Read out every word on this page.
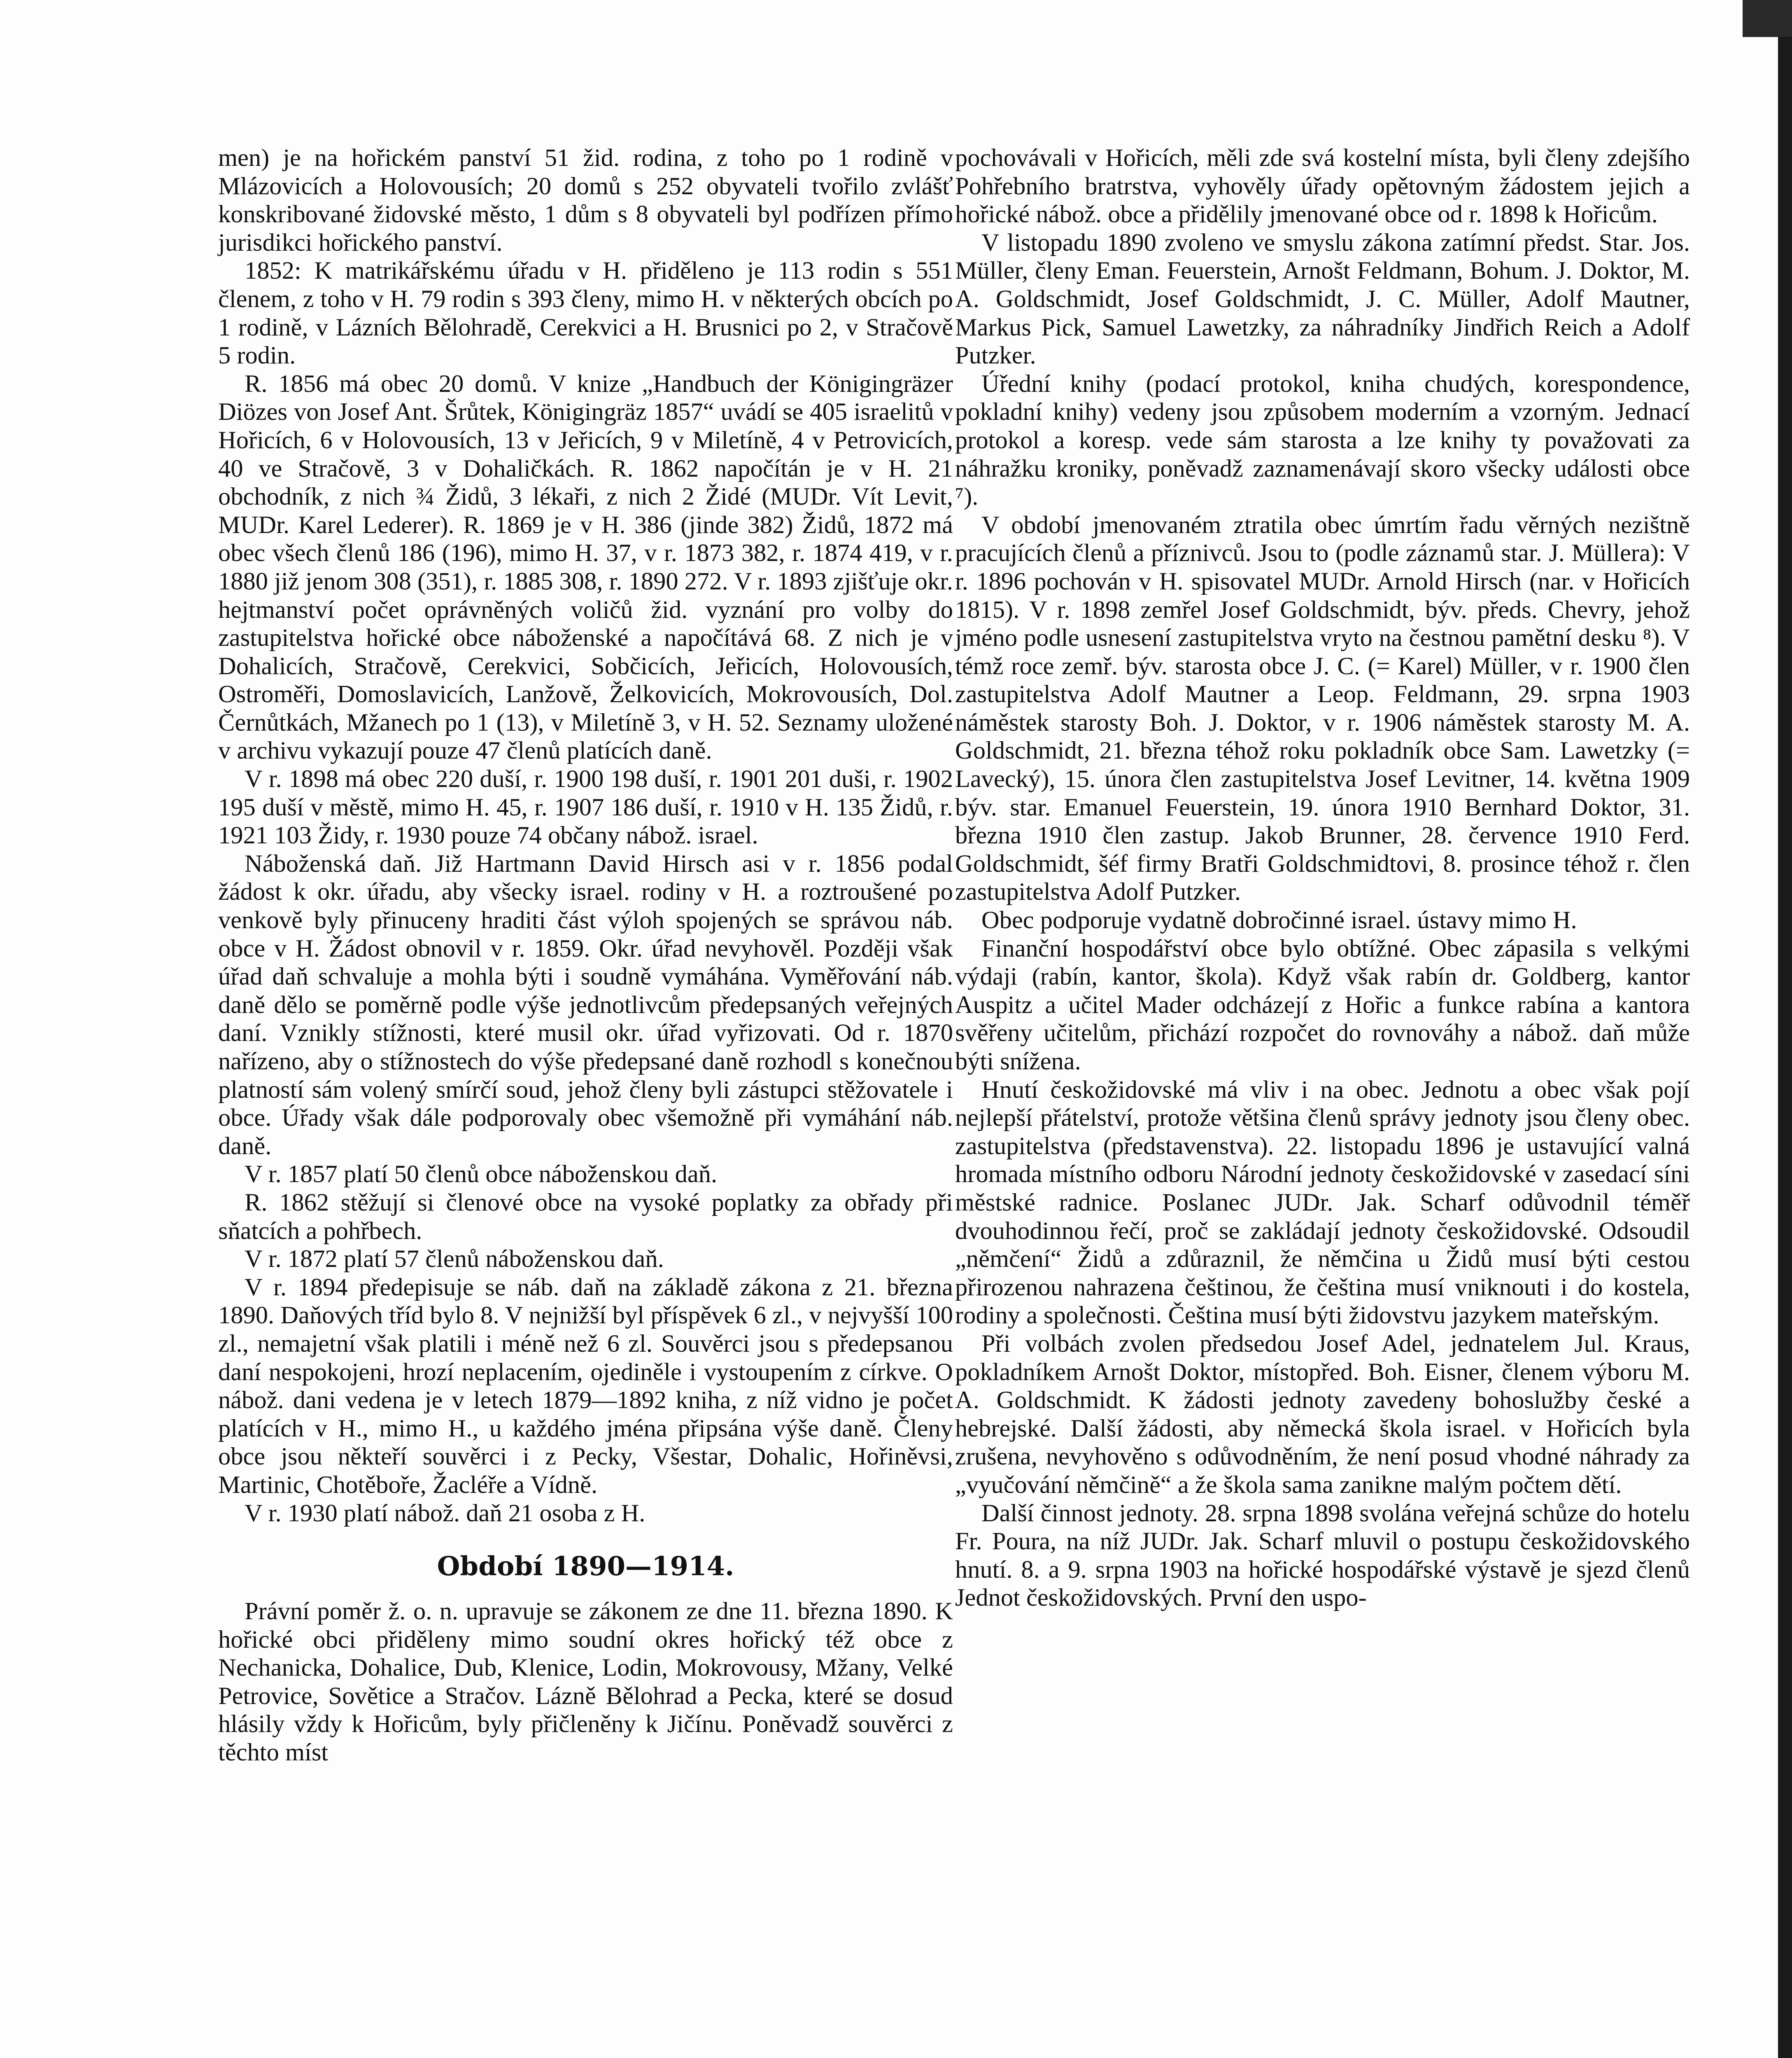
men) je na hořickém panství 51 žid. rodina, z toho po 1 rodině v Mlázovicích a Holovousích; 20 domů s 252 obyvateli tvořilo zvlášť konskribované židovské město, 1 dům s 8 obyvateli byl podřízen přímo jurisdikci hořického panství.

1852: K matrikářskému úřadu v H. přiděleno je 113 rodin s 551 členem, z toho v H. 79 rodin s 393 členy, mimo H. v některých obcích po 1 rodině, v Lázních Bělohradě, Cerekvici a H. Brusnici po 2, v Stračově 5 rodin.

R. 1856 má obec 20 domů. V knize „Handbuch der Königingräzer Diözes von Josef Ant. Šrůtek, Königingräz 1857“ uvádí se 405 israelitů v Hořicích, 6 v Holovousích, 13 v Jeřicích, 9 v Miletíně, 4 v Petrovicích, 40 ve Stračově, 3 v Dohaličkách. R. 1862 napočítán je v H. 21 obchodník, z nich ¾ Židů, 3 lékaři, z nich 2 Židé (MUDr. Vít Levit, MUDr. Karel Lederer). R. 1869 je v H. 386 (jinde 382) Židů, 1872 má obec všech členů 186 (196), mimo H. 37, v r. 1873 382, r. 1874 419, v r. 1880 již jenom 308 (351), r. 1885 308, r. 1890 272. V r. 1893 zjišťuje okr. hejtmanství počet oprávněných voličů žid. vyznání pro volby do zastupitelstva hořické obce náboženské a napočítává 68. Z nich je v Dohalicích, Stračově, Cerekvici, Sobčicích, Jeřicích, Holovousích, Ostroměři, Domoslavicích, Lanžově, Želkovicích, Mokrovousích, Dol. Černůtkách, Mžanech po 1 (13), v Miletíně 3, v H. 52. Seznamy uložené v archivu vykazují pouze 47 členů platících daně.

V r. 1898 má obec 220 duší, r. 1900 198 duší, r. 1901 201 duši, r. 1902 195 duší v městě, mimo H. 45, r. 1907 186 duší, r. 1910 v H. 135 Židů, r. 1921 103 Židy, r. 1930 pouze 74 občany nábož. israel.

Náboženská daň. Již Hartmann David Hirsch asi v r. 1856 podal žádost k okr. úřadu, aby všecky israel. rodiny v H. a roztroušené po venkově byly přinuceny hraditi část výloh spojených se správou náb. obce v H. Žádost obnovil v r. 1859. Okr. úřad nevyhověl. Později však úřad daň schvaluje a mohla býti i soudně vymáhána. Vyměřování náb. daně dělo se poměrně podle výše jednotlivcům předepsaných veřejných daní. Vznikly stížnosti, které musil okr. úřad vyřizovati. Od r. 1870 nařízeno, aby o stížnostech do výše předepsané daně rozhodl s konečnou platností sám volený smírčí soud, jehož členy byli zástupci stěžovatele i obce. Úřady však dále podporovaly obec všemožně při vymáhání náb. daně.

V r. 1857 platí 50 členů obce náboženskou daň.

R. 1862 stěžují si členové obce na vysoké poplatky za obřady při sňatcích a pohřbech.

V r. 1872 platí 57 členů náboženskou daň.

V r. 1894 předepisuje se náb. daň na základě zákona z 21. března 1890. Daňových tříd bylo 8. V nejnižší byl příspěvek 6 zl., v nejvyšší 100 zl., nemajetní však platili i méně než 6 zl. Souvěrci jsou s předepsanou daní nespokojeni, hrozí neplacením, ojediněle i vystoupením z církve. O nábož. dani vedena je v letech 1879—1892 kniha, z níž vidno je počet platících v H., mimo H., u každého jména připsána výše daně. Členy obce jsou někteří souvěrci i z Pecky, Všestar, Dohalic, Hořiněvsi, Martinic, Chotěboře, Žacléře a Vídně.

V r. 1930 platí nábož. daň 21 osoba z H.

Období 1890—1914.

Právní poměr ž. o. n. upravuje se zákonem ze dne 11. března 1890. K hořické obci přiděleny mimo soudní okres hořický též obce z Nechanicka, Dohalice, Dub, Klenice, Lodin, Mokrovousy, Mžany, Velké Petrovice, Sovětice a Stračov. Lázně Bělohrad a Pecka, které se dosud hlásily vždy k Hořicům, byly přičleněny k Jičínu. Poněvadž souvěrci z těchto míst

pochovávali v Hořicích, měli zde svá kostelní místa, byli členy zdejšího Pohřebního bratrstva, vyhověly úřady opětovným žádostem jejich a hořické nábož. obce a přidělily jmenované obce od r. 1898 k Hořicům.

V listopadu 1890 zvoleno ve smyslu zákona zatímní předst. Star. Jos. Müller, členy Eman. Feuerstein, Arnošt Feldmann, Bohum. J. Doktor, M. A. Goldschmidt, Josef Goldschmidt, J. C. Müller, Adolf Mautner, Markus Pick, Samuel Lawetzky, za náhradníky Jindřich Reich a Adolf Putzker.

Úřední knihy (podací protokol, kniha chudých, korespondence, pokladní knihy) vedeny jsou způsobem moderním a vzorným. Jednací protokol a koresp. vede sám starosta a lze knihy ty považovati za náhražku kroniky, poněvadž zaznamenávají skoro všecky události obce ⁷).

V období jmenovaném ztratila obec úmrtím řadu věrných nezištně pracujících členů a příznivců. Jsou to (podle záznamů star. J. Müllera): V r. 1896 pochován v H. spisovatel MUDr. Arnold Hirsch (nar. v Hořicích 1815). V r. 1898 zemřel Josef Goldschmidt, býv. předs. Chevry, jehož jméno podle usnesení zastupitelstva vryto na čestnou pamětní desku ⁸). V témž roce zemř. býv. starosta obce J. C. (= Karel) Müller, v r. 1900 člen zastupitelstva Adolf Mautner a Leop. Feldmann, 29. srpna 1903 náměstek starosty Boh. J. Doktor, v r. 1906 náměstek starosty M. A. Goldschmidt, 21. března téhož roku pokladník obce Sam. Lawetzky (= Lavecký), 15. února člen zastupitelstva Josef Levitner, 14. května 1909 býv. star. Emanuel Feuerstein, 19. února 1910 Bernhard Doktor, 31. března 1910 člen zastup. Jakob Brunner, 28. července 1910 Ferd. Goldschmidt, šéf firmy Bratři Goldschmidtovi, 8. prosince téhož r. člen zastupitelstva Adolf Putzker.

Obec podporuje vydatně dobročinné israel. ústavy mimo H.

Finanční hospodářství obce bylo obtížné. Obec zápasila s velkými výdaji (rabín, kantor, škola). Když však rabín dr. Goldberg, kantor Auspitz a učitel Mader odcházejí z Hořic a funkce rabína a kantora svěřeny učitelům, přichází rozpočet do rovnováhy a nábož. daň může býti snížena.

Hnutí českožidovské má vliv i na obec. Jednotu a obec však pojí nejlepší přátelství, protože většina členů správy jednoty jsou členy obec. zastupitelstva (představenstva). 22. listopadu 1896 je ustavující valná hromada místního odboru Národní jednoty českožidovské v zasedací síni městské radnice. Poslanec JUDr. Jak. Scharf odůvodnil téměř dvouhodinnou řečí, proč se zakládají jednoty českožidovské. Odsoudil „němčení“ Židů a zdůraznil, že němčina u Židů musí býti cestou přirozenou nahrazena češtinou, že čeština musí vniknouti i do kostela, rodiny a společnosti. Čeština musí býti židovstvu jazykem mateřským.

Při volbách zvolen předsedou Josef Adel, jednatelem Jul. Kraus, pokladníkem Arnošt Doktor, místopřed. Boh. Eisner, členem výboru M. A. Goldschmidt. K žádosti jednoty zavedeny bohoslužby české a hebrejské. Další žádosti, aby německá škola israel. v Hořicích byla zrušena, nevyhověno s odůvodněním, že není posud vhodné náhrady za „vyučování němčině“ a že škola sama zanikne malým počtem dětí.

Další činnost jednoty. 28. srpna 1898 svolána veřejná schůze do hotelu Fr. Poura, na níž JUDr. Jak. Scharf mluvil o postupu českožidovského hnutí. 8. a 9. srpna 1903 na hořické hospodářské výstavě je sjezd členů Jednot českožidovských. První den uspo-
